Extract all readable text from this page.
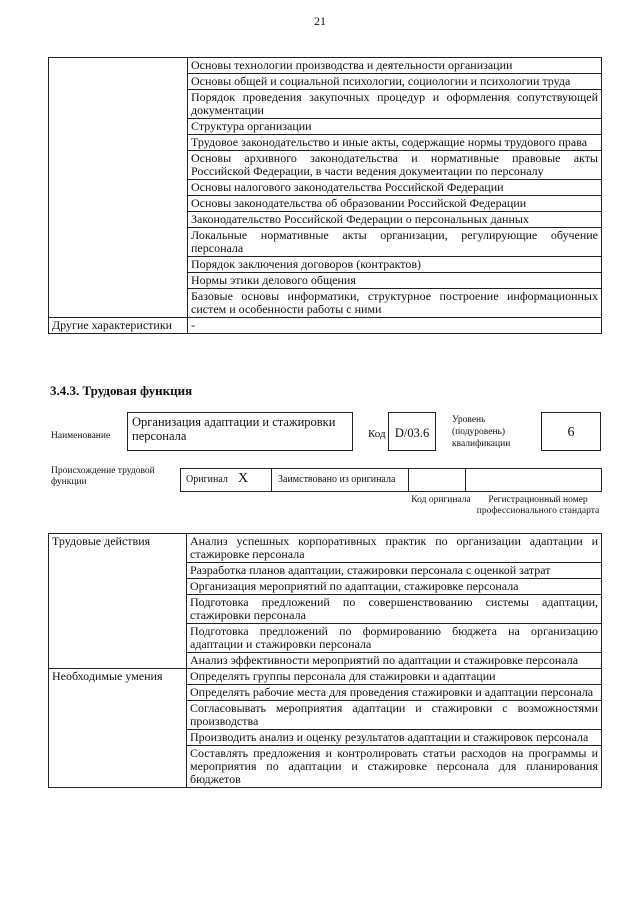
21
	Основы технологии производства и деятельности организации
	Основы общей и социальной психологии, социологии и психологии труда
	Порядок проведения закупочных процедур и оформления сопутствующей документации
	Структура организации
	Трудовое законодательство и иные акты, содержащие нормы трудового права
	Основы архивного законодательства и нормативные правовые акты Российской Федерации, в части ведения документации по персоналу
	Основы налогового законодательства Российской Федерации
	Основы законодательства об образовании Российской Федерации
	Законодательство Российской Федерации о персональных данных
	Локальные нормативные акты организации, регулирующие обучение персонала
	Порядок заключения договоров (контрактов)
	Нормы этики делового общения
	Базовые основы информатики, структурное построение информационных систем и особенности работы с ними
Другие характеристики	-
3.4.3. Трудовая функция
Наименование
Организация адаптации и стажировки персонала	Код D/03.6
Уровень (подуровень) квалификации
6
Происхождение трудовой функции	Оригинал X	Заимствовано из оригинала
Код оригинала	Регистрационный номер профессионального стандарта
Трудовые действия	Анализ успешных корпоративных практик по организации адаптации и стажировке персонала
	Разработка планов адаптации, стажировки персонала с оценкой затрат
	Организация мероприятий по адаптации, стажировке персонала
	Подготовка предложений по совершенствованию системы адаптации, стажировки персонала
	Подготовка предложений по формированию бюджета на организацию адаптации и стажировки персонала
	Анализ эффективности мероприятий по адаптации и стажировке персонала
Необходимые умения	Определять группы персонала для стажировки и адаптации
	Определять рабочие места для проведения стажировки и адаптации персонала
	Согласовывать мероприятия адаптации и стажировки с возможностями производства
	Производить анализ и оценку результатов адаптации и стажировок персонала
	Составлять предложения и контролировать статьи расходов на программы и мероприятия по адаптации и стажировке персонала для планирования бюджетов
